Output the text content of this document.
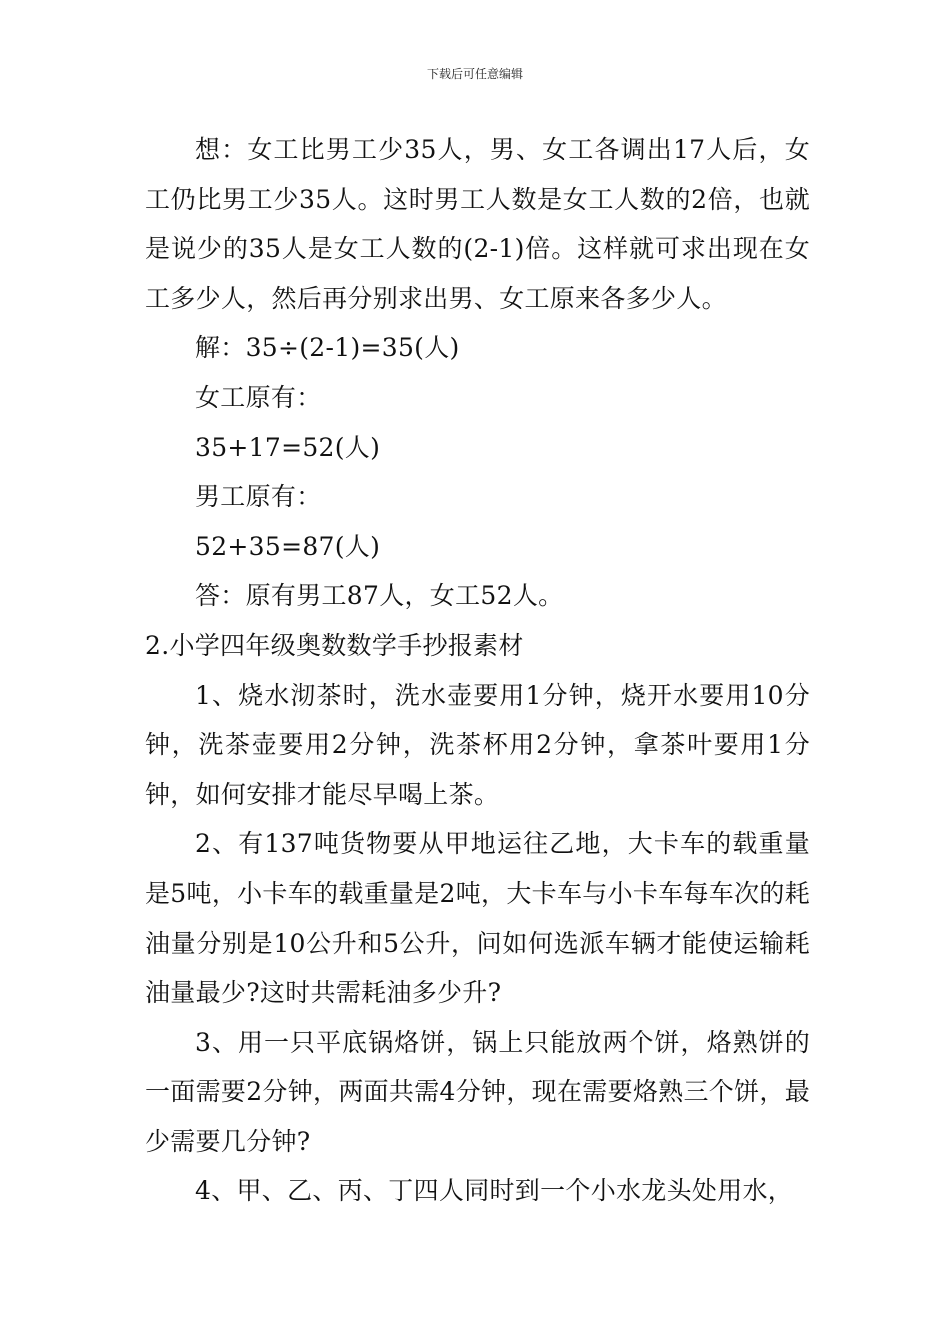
下载后可任意编辑

想：女工比男工少35人，男、女工各调出17人后，女工仍比男工少35人。这时男工人数是女工人数的2倍，也就是说少的35人是女工人数的(2-1)倍。这样就可求出现在女工多少人，然后再分别求出男、女工原来各多少人。

解：35÷(2-1)=35(人)

女工原有：

35+17=52(人)

男工原有：

52+35=87(人)

答：原有男工87人，女工52人。

2.小学四年级奥数数学手抄报素材

1、烧水沏茶时，洗水壶要用1分钟，烧开水要用10分钟，洗茶壶要用2分钟，洗茶杯用2分钟，拿茶叶要用1分钟，如何安排才能尽早喝上茶。

2、有137吨货物要从甲地运往乙地，大卡车的载重量是5吨，小卡车的载重量是2吨，大卡车与小卡车每车次的耗油量分别是10公升和5公升，问如何选派车辆才能使运输耗油量最少?这时共需耗油多少升?

3、用一只平底锅烙饼，锅上只能放两个饼，烙熟饼的一面需要2分钟，两面共需4分钟，现在需要烙熟三个饼，最少需要几分钟?

4、甲、乙、丙、丁四人同时到一个小水龙头处用水，
